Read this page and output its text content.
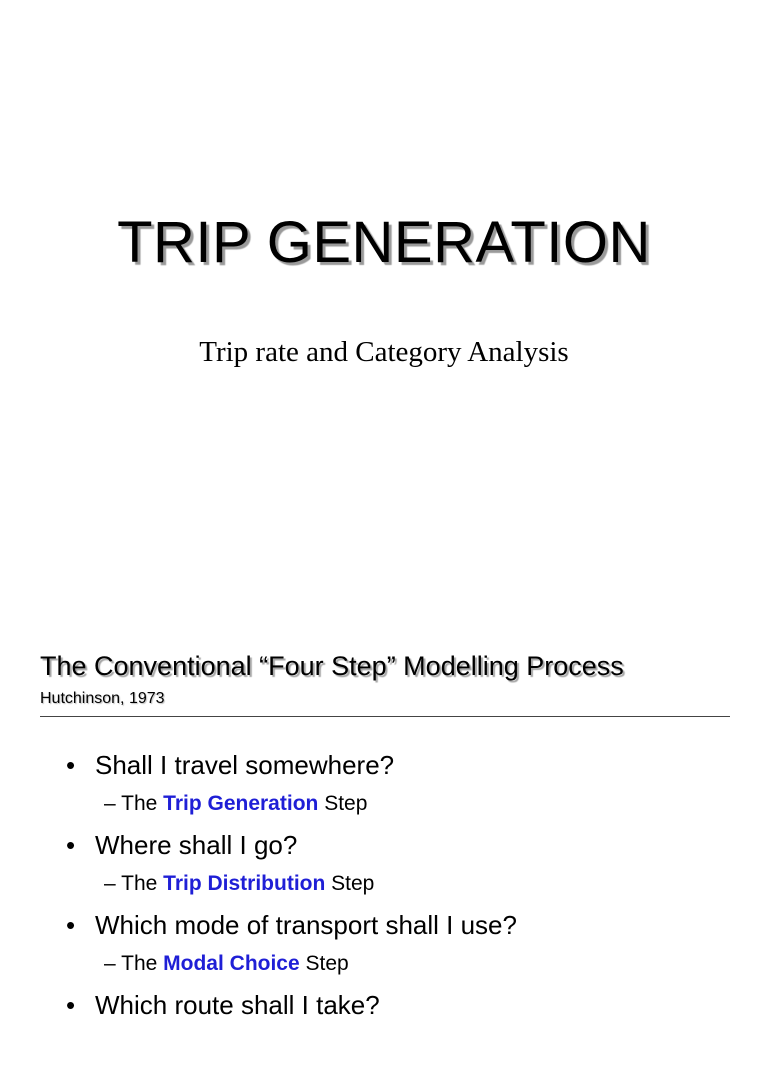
TRIP GENERATION
Trip rate and Category Analysis
The Conventional “Four Step” Modelling Process
Hutchinson, 1973
• Shall I travel somewhere?
– The Trip Generation Step
• Where shall I go?
– The Trip Distribution Step
• Which mode of transport shall I use?
– The Modal Choice Step
• Which route shall I take?
